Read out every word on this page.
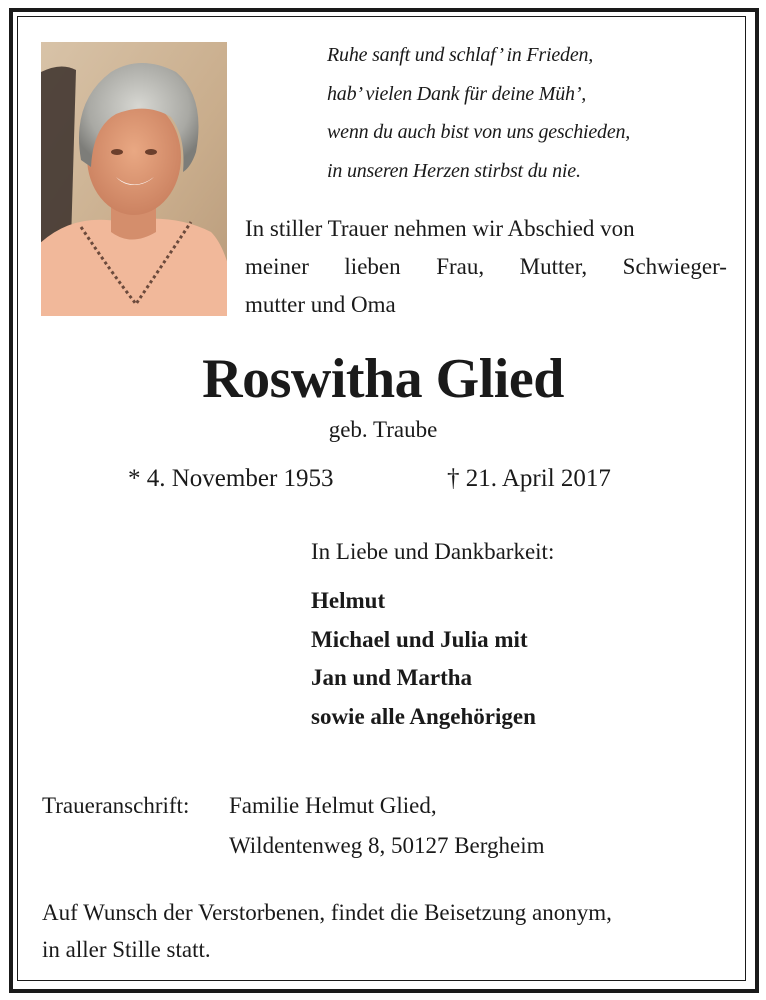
Ruhe sanft und schlaf’ in Frieden,
hab’ vielen Dank für deine Müh’,
wenn du auch bist von uns geschieden,
in unseren Herzen stirbst du nie.
In stiller Trauer nehmen wir Abschied von
meiner lieben Frau, Mutter, Schwieger-
mutter und Oma
Roswitha Glied
geb. Traube
* 4. November 1953	† 21. April 2017
In Liebe und Dankbarkeit:
Helmut
Michael und Julia mit
Jan und Martha
sowie alle Angehörigen
Traueranschrift: Familie Helmut Glied,
Wildentenweg 8, 50127 Bergheim
Auf Wunsch der Verstorbenen, findet die Beisetzung anonym,
in aller Stille statt.
